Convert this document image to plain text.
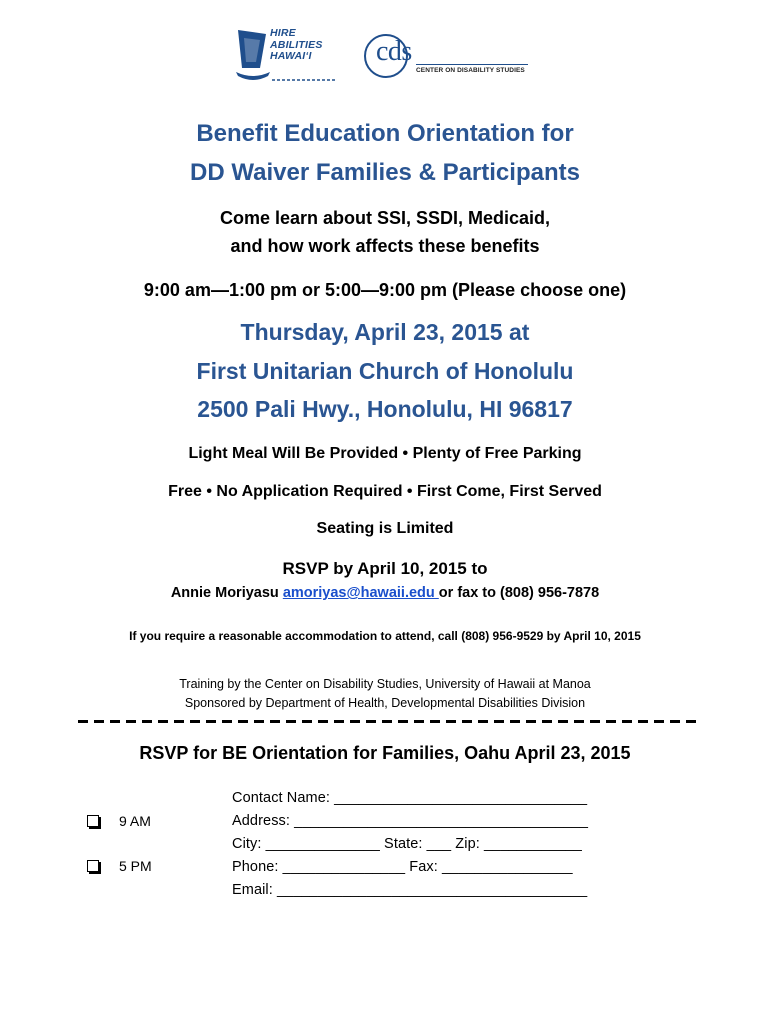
HIRE
ABILITIES
HAWAI‘I	cds
CENTER ON DISABILITY STUDIES
Benefit Education Orientation for
DD Waiver Families & Participants
Come learn about SSI, SSDI, Medicaid,
and how work affects these benefits
9:00 am—1:00 pm or 5:00—9:00 pm (Please choose one)
Thursday, April 23, 2015 at
First Unitarian Church of Honolulu
2500 Pali Hwy., Honolulu, HI 96817
Light Meal Will Be Provided • Plenty of Free Parking
Free • No Application Required • First Come, First Served
Seating is Limited
RSVP by April 10, 2015 to
Annie Moriyasu amoriyas@hawaii.edu or fax to (808) 956-7878
If you require a reasonable accommodation to attend, call (808) 956-9529 by April 10, 2015
Training by the Center on Disability Studies, University of Hawaii at Manoa
Sponsored by Department of Health, Developmental Disabilities Division
RSVP for BE Orientation for Families, Oahu April 23, 2015
9 AM
5 PM
Contact Name: _______________________________
Address: ____________________________________
City: ______________ State: ___ Zip: ____________
Phone: _______________ Fax: ________________
Email: ______________________________________
